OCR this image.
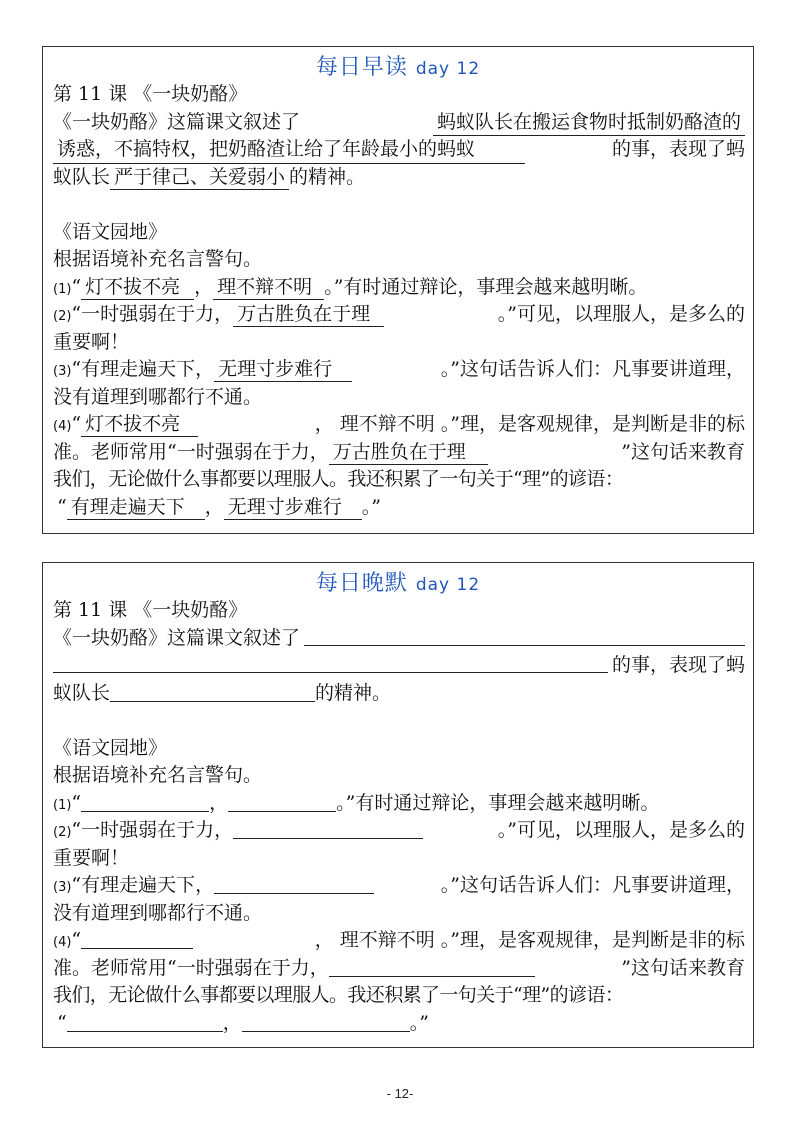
每日早读 day 12
第 11 课 《一块奶酪》
《一块奶酪》这篇课文叙述了	蚂蚁队长在搬运食物时抵制奶酪渣的
诱惑，不搞特权，把奶酪渣让给了年龄最小的蚂蚁	的事，表现了蚂
蚁队长 严于律己、关爱弱小 的精神。
《语文园地》
根据语境补充名言警句。
(1)“ 灯不拔不亮 ， 理不辩不明 。”有时通过辩论，事理会越来越明晰。
(2)“一时强弱在于力， 万古胜负在于理	。”可见，以理服人，是多么的
重要啊！
(3)“有理走遍天下， 无理寸步难行	。”这句话告诉人们：凡事要讲道理，
没有道理到哪都行不通。
(4)“ 灯不拔不亮	， 理不辩不明 。”理，是客观规律，是判断是非的标
准。老师常用“一时强弱在于力， 万古胜负在于理	”这句话来教育
我们，无论做什么事都要以理服人。我还积累了一句关于“理”的谚语：
“ 有理走遍天下 ， 无理寸步难行 。”
每日晚默 day 12
第 11 课 《一块奶酪》
《一块奶酪》这篇课文叙述了
的事，表现了蚂
蚁队长	的精神。
《语文园地》
根据语境补充名言警句。
(1)“	，	。”有时通过辩论，事理会越来越明晰。
(2)“一时强弱在于力，	。”可见，以理服人，是多么的
重要啊！
(3)“有理走遍天下，	。”这句话告诉人们：凡事要讲道理，
没有道理到哪都行不通。
(4)“	， 理不辩不明 。”理，是客观规律，是判断是非的标
准。老师常用“一时强弱在于力，	”这句话来教育
我们，无论做什么事都要以理服人。我还积累了一句关于“理”的谚语：
“	，	。”
- 12-
